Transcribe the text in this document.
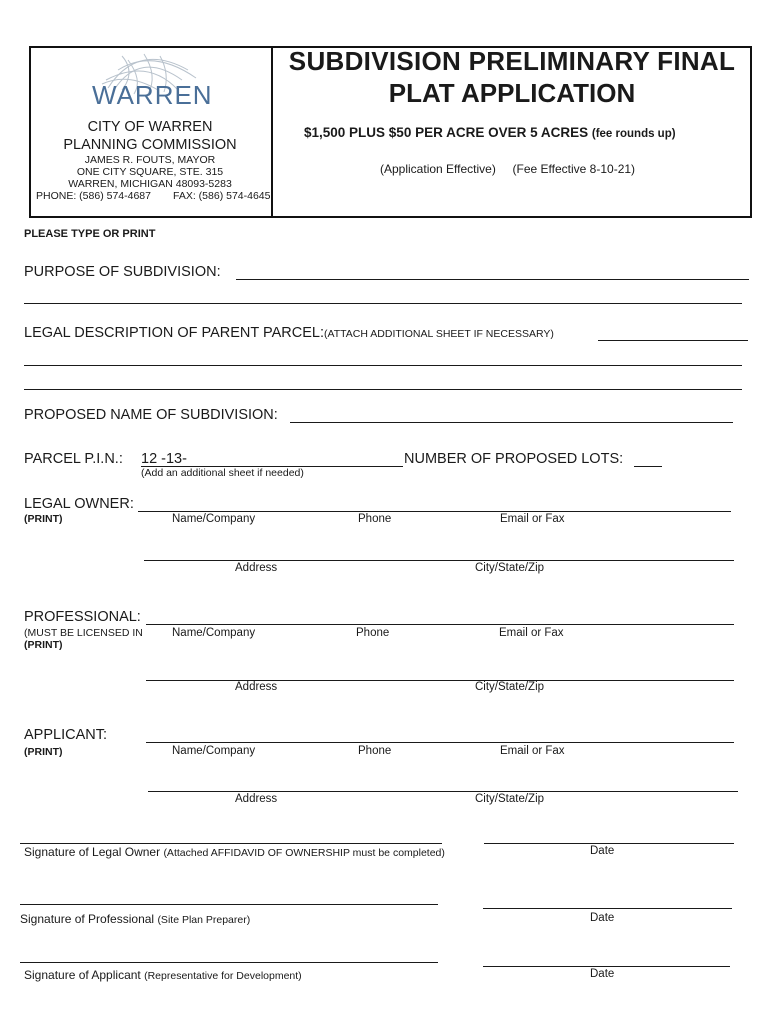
WARREN
CITY OF WARREN
PLANNING COMMISSION
JAMES R. FOUTS, MAYOR
ONE CITY SQUARE, STE. 315
WARREN, MICHIGAN 48093-5283
PHONE: (586) 574-4687 FAX: (586) 574-4645
SUBDIVISION PRELIMINARY FINAL
PLAT APPLICATION
$1,500 PLUS $50 PER ACRE OVER 5 ACRES (fee rounds up)
(Application Effective) (Fee Effective 8-10-21)
PLEASE TYPE OR PRINT
PURPOSE OF SUBDIVISION:
LEGAL DESCRIPTION OF PARENT PARCEL:(ATTACH ADDITIONAL SHEET IF NECESSARY)
PROPOSED NAME OF SUBDIVISION:
PARCEL P.I.N.: 12 -13-
(Add an additional sheet if needed)
NUMBER OF PROPOSED LOTS:
LEGAL OWNER:
(PRINT)	Name/Company	Phone	Email or Fax
Address	City/State/Zip
PROFESSIONAL:
(MUST BE LICENSED IN
(PRINT)
Name/Company	Phone	Email or Fax
Address	City/State/Zip
APPLICANT:
(PRINT)	Name/Company	Phone	Email or Fax
Address	City/State/Zip
Signature of Legal Owner (Attached AFFIDAVID OF OWNERSHIP must be completed)	Date
Signature of Professional (Site Plan Preparer)	Date
Signature of Applicant (Representative for Development)	Date
